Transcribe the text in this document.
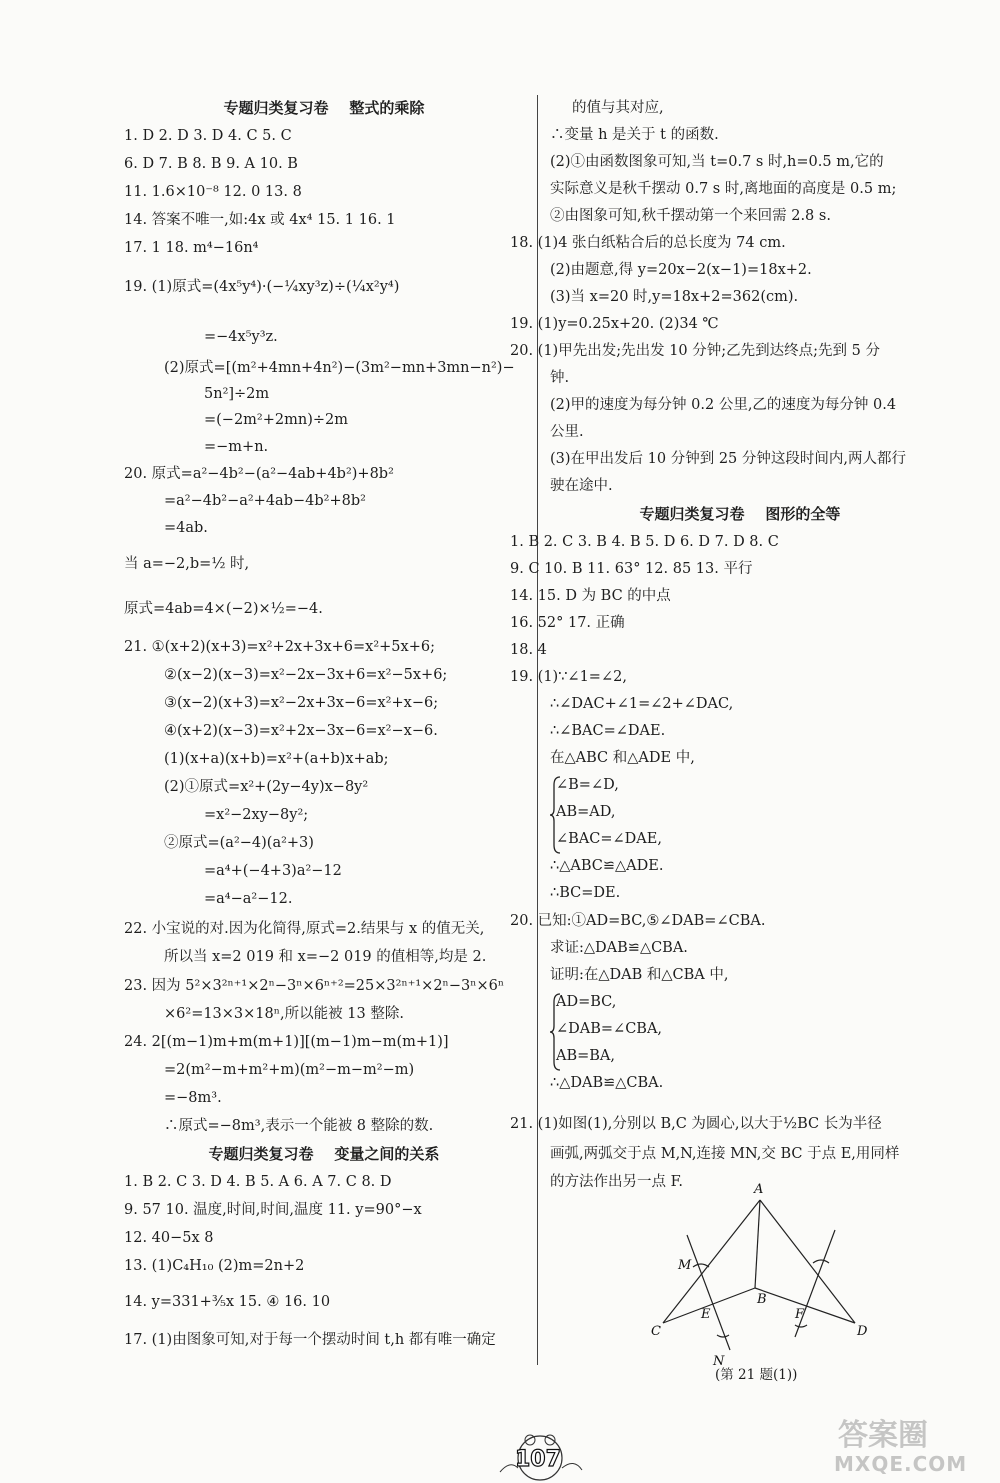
专题归类复习卷    整式的乘除
1. D 2. D 3. D 4. C 5. C
6. D 7. B 8. B 9. A 10. B
11. 1.6×10⁻⁸ 12. 0 13. 8
14. 答案不唯一,如:4x 或 4x⁴ 15. 1 16. 1
17. 1 18. m⁴−16n⁴
19. (1)原式=(4x⁵y⁴)·(−¼xy³z)÷(¼x²y⁴)
=−4x⁵y³z.
(2)原式=[(m²+4mn+4n²)−(3m²−mn+3mn−n²)−
5n²]÷2m
=(−2m²+2mn)÷2m
=−m+n.
20. 原式=a²−4b²−(a²−4ab+4b²)+8b²
=a²−4b²−a²+4ab−4b²+8b²
=4ab.
当 a=−2,b=½ 时,
原式=4ab=4×(−2)×½=−4.
21. ①(x+2)(x+3)=x²+2x+3x+6=x²+5x+6;
②(x−2)(x−3)=x²−2x−3x+6=x²−5x+6;
③(x−2)(x+3)=x²−2x+3x−6=x²+x−6;
④(x+2)(x−3)=x²+2x−3x−6=x²−x−6.
(1)(x+a)(x+b)=x²+(a+b)x+ab;
(2)①原式=x²+(2y−4y)x−8y²
=x²−2xy−8y²;
②原式=(a²−4)(a²+3)
=a⁴+(−4+3)a²−12
=a⁴−a²−12.
22. 小宝说的对.因为化简得,原式=2.结果与 x 的值无关,
所以当 x=2 019 和 x=−2 019 的值相等,均是 2.
23. 因为 5²×3²ⁿ⁺¹×2ⁿ−3ⁿ×6ⁿ⁺²=25×3²ⁿ⁺¹×2ⁿ−3ⁿ×6ⁿ
×6²=13×3×18ⁿ,所以能被 13 整除.
24. 2[(m−1)m+m(m+1)][(m−1)m−m(m+1)]
=2(m²−m+m²+m)(m²−m−m²−m)
=−8m³.
∴原式=−8m³,表示一个能被 8 整除的数.
专题归类复习卷    变量之间的关系
1. B 2. C 3. D 4. B 5. A 6. A 7. C 8. D
9. 57 10. 温度,时间,时间,温度 11. y=90°−x
12. 40−5x 8
13. (1)C₄H₁₀ (2)m=2n+2
14. y=331+⅗x 15. ④ 16. 10
17. (1)由图象可知,对于每一个摆动时间 t,h 都有唯一确定
的值与其对应,
∴变量 h 是关于 t 的函数.
(2)①由函数图象可知,当 t=0.7 s 时,h=0.5 m,它的
实际意义是秋千摆动 0.7 s 时,离地面的高度是 0.5 m;
②由图象可知,秋千摆动第一个来回需 2.8 s.
18. (1)4 张白纸粘合后的总长度为 74 cm.
(2)由题意,得 y=20x−2(x−1)=18x+2.
(3)当 x=20 时,y=18x+2=362(cm).
19. (1)y=0.25x+20. (2)34 ℃
20. (1)甲先出发;先出发 10 分钟;乙先到达终点;先到 5 分
钟.
(2)甲的速度为每分钟 0.2 公里,乙的速度为每分钟 0.4
公里.
(3)在甲出发后 10 分钟到 25 分钟这段时间内,两人都行
驶在途中.
专题归类复习卷    图形的全等
1. B 2. C 3. B 4. B 5. D 6. D 7. D 8. C
9. C 10. B 11. 63° 12. 85 13. 平行
14. 15. D 为 BC 的中点
16. 52° 17. 正确
18. 4
19. (1)∵∠1=∠2,
∴∠DAC+∠1=∠2+∠DAC,
∴∠BAC=∠DAE.
在△ABC 和△ADE 中,
∠B=∠D,
AB=AD,
∠BAC=∠DAE,
∴△ABC≌△ADE.
∴BC=DE.
20. 已知:①AD=BC,⑤∠DAB=∠CBA.
求证:△DAB≌△CBA.
证明:在△DAB 和△CBA 中,
AD=BC,
∠DAB=∠CBA,
AB=BA,
∴△DAB≌△CBA.
21. (1)如图(1),分别以 B,C 为圆心,以大于½BC 长为半径
画弧,两弧交于点 M,N,连接 MN,交 BC 于点 E,用同样
的方法作出另一点 F.	A
B
C	D
E	F
M
N
(第 21 题(1))
107
答案圈
MXQE.COM
